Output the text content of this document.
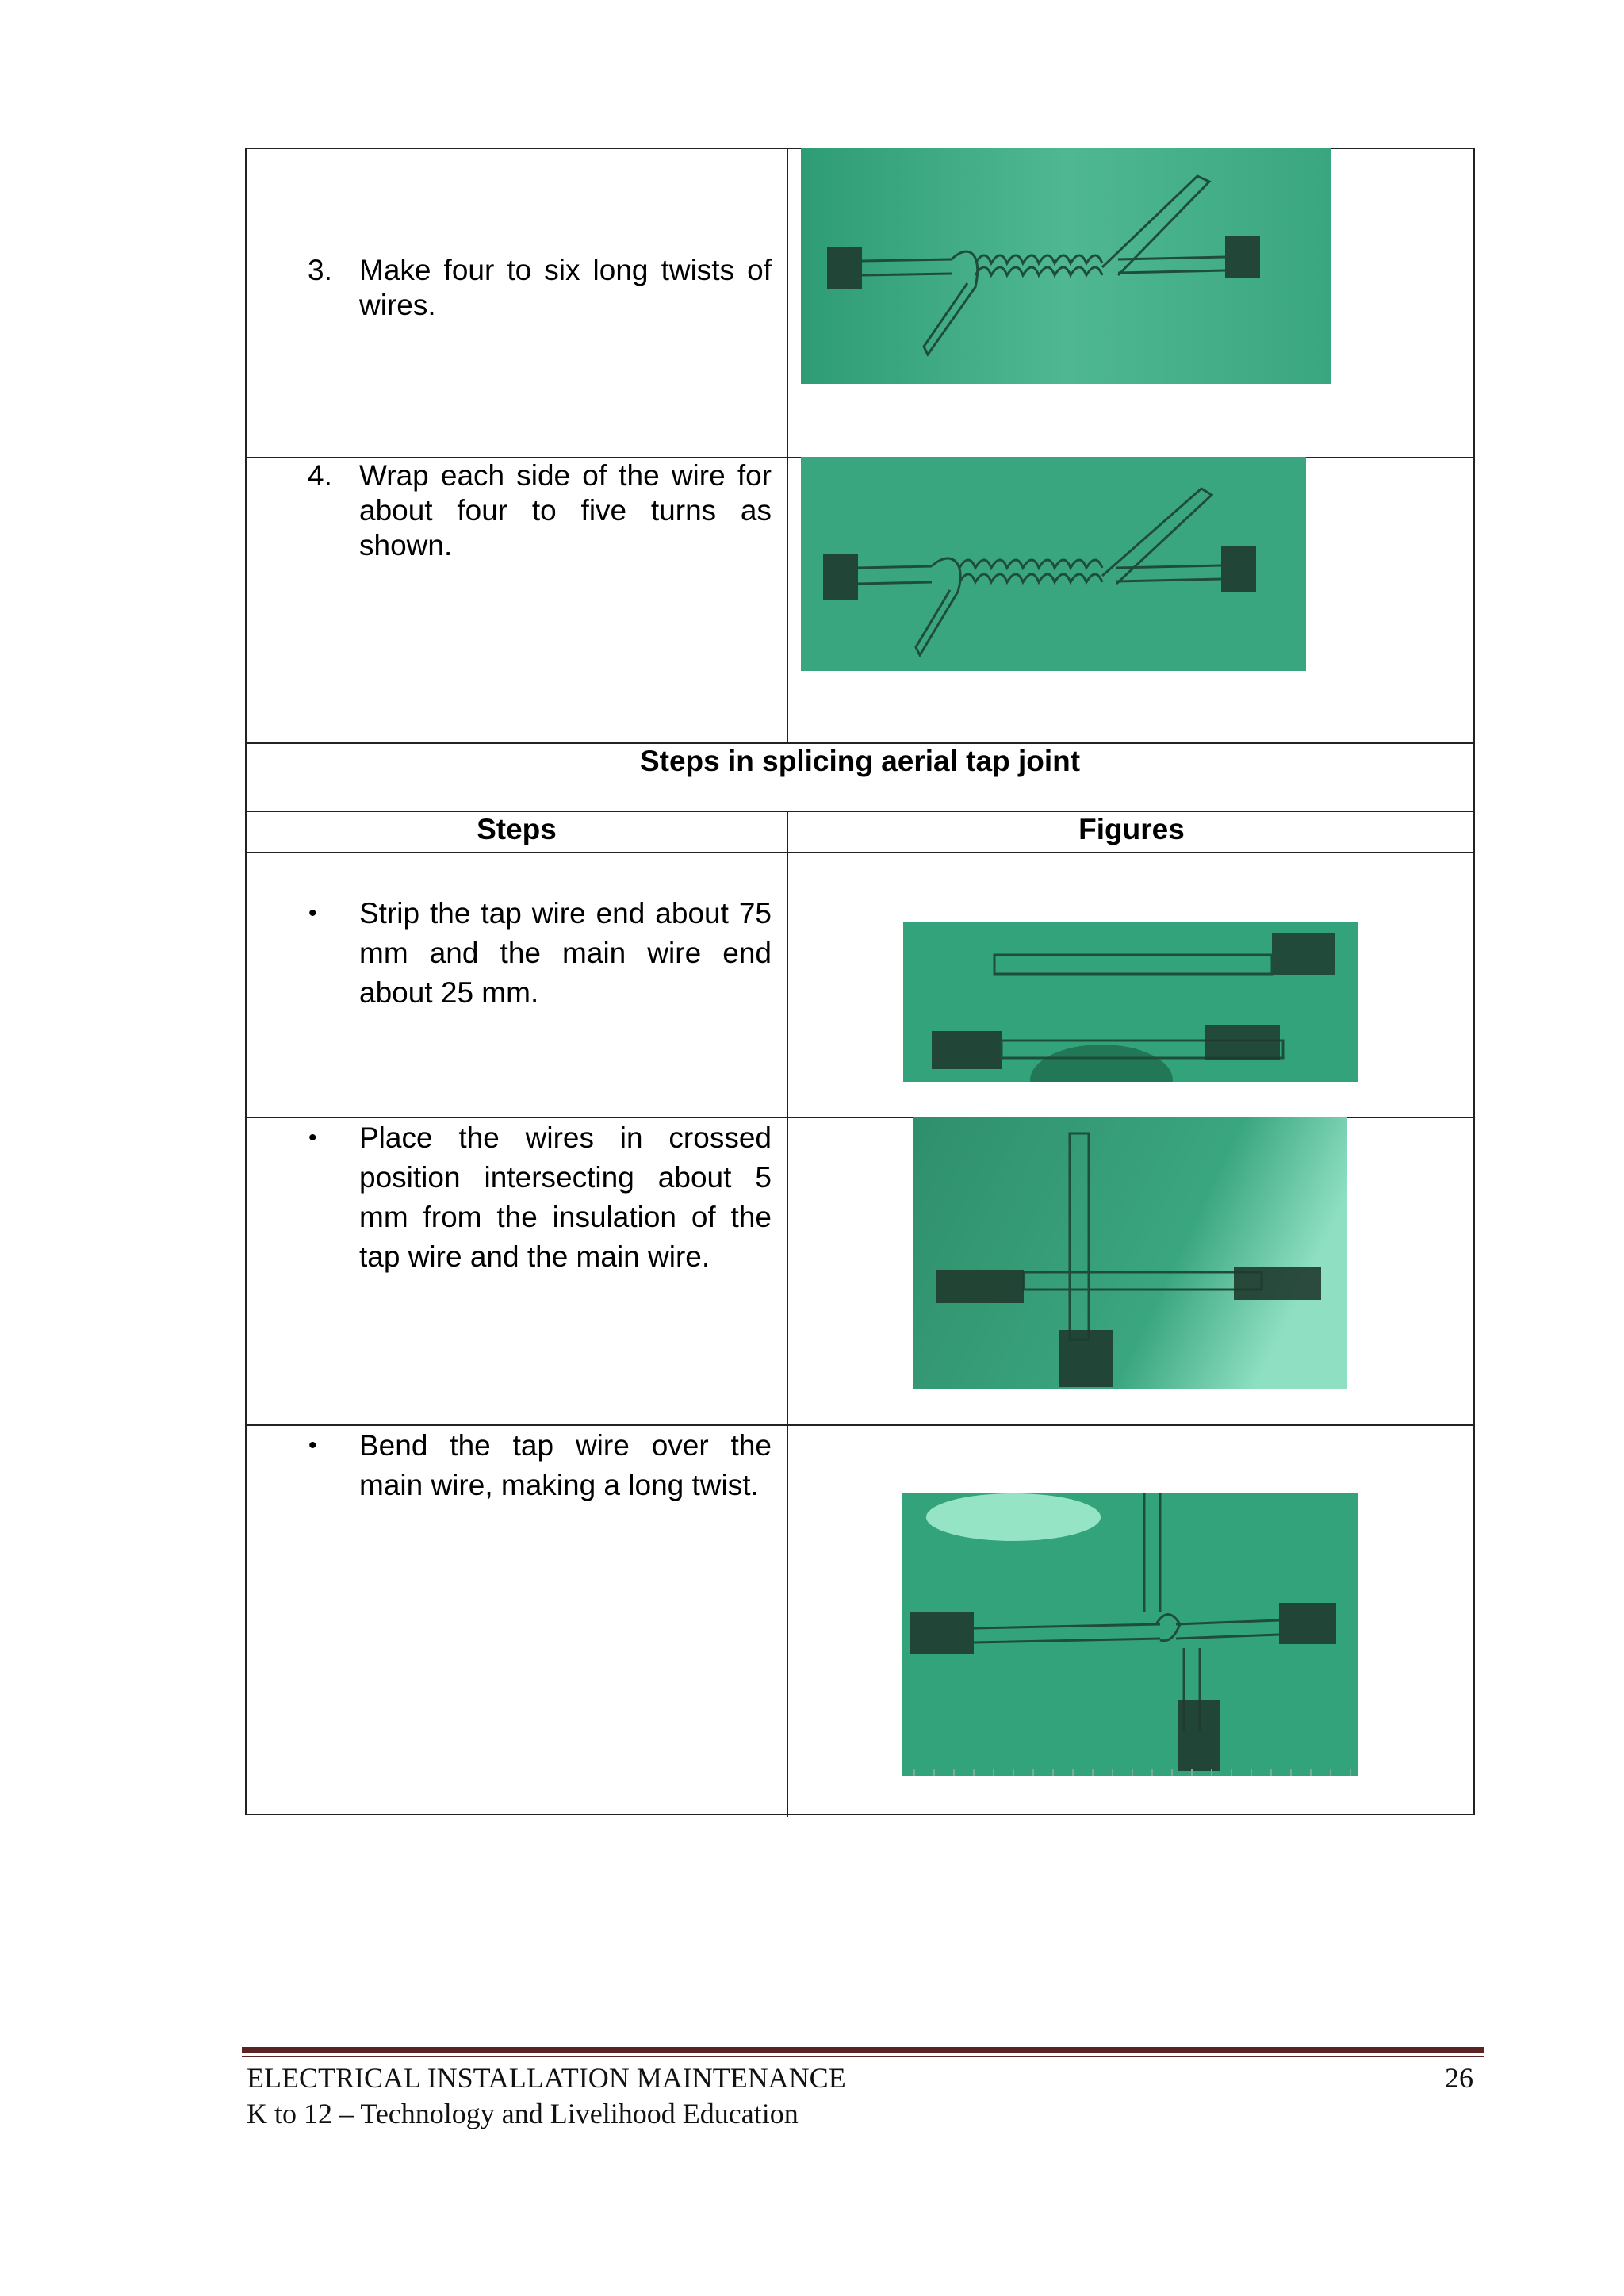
3. Make four to six long twists of wires.
4. Wrap each side of the wire for about four to five turns as shown.
Steps in splicing aerial tap joint
Steps	Figures
• Strip the tap wire end about 75 mm and the main wire end about 25 mm.
• Place the wires in crossed position intersecting about 5 mm from the insulation of the tap wire and the main wire.
• Bend the tap wire over the main wire, making a long twist.
ELECTRICAL INSTALLATION MAINTENANCE
K to 12 – Technology and Livelihood Education
26
